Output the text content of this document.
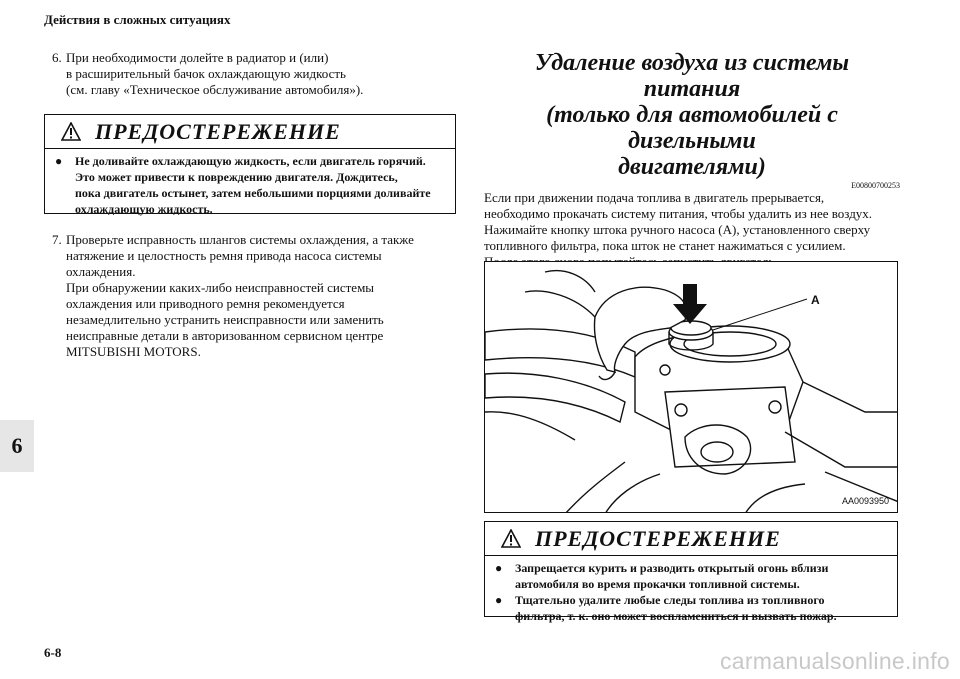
Действия в сложных ситуациях
6
6. При необходимости долейте в радиатор и (или)

в расширительный бачок охлаждающую жидкость

(см. главу «Техническое обслуживание автомобиля»).

ПРЕДОСТЕРЕЖЕНИЕ
●	Не доливайте охлаждающую жидкость, если двигатель горячий.
Это может привести к повреждению двигателя. Дождитесь,
пока двигатель остынет, затем небольшими порциями доливайте
охлаждающую жидкость.
7. Проверьте исправность шлангов системы охлаждения, а также

натяжение и целостность ремня привода насоса системы

охлаждения.

При обнаружении каких-либо неисправностей системы

охлаждения или приводного ремня рекомендуется

незамедлительно устранить неисправности или заменить

неисправные детали в авторизованном сервисном центре

MITSUBISHI MOTORS.

Удаление воздуха из системы питания
(только для автомобилей с дизельными
двигателями)
E00800700253

Если при движении подача топлива в двигатель прерывается,

необходимо прокачать систему питания, чтобы удалить из нее воздух.

Нажимайте кнопку штока ручного насоса (A), установленного сверху

топливного фильтра, пока шток не станет нажиматься с усилием.

A
AA0093950
ПРЕДОСТЕРЕЖЕНИЕ
●	Запрещается курить и разводить открытый огонь вблизи
автомобиля во время прокачки топливной системы.
●	Тщательно удалите любые следы топлива из топливного
фильтра, т. к. оно может воспламениться и вызвать пожар.
6-8	carmanualsonline.info
